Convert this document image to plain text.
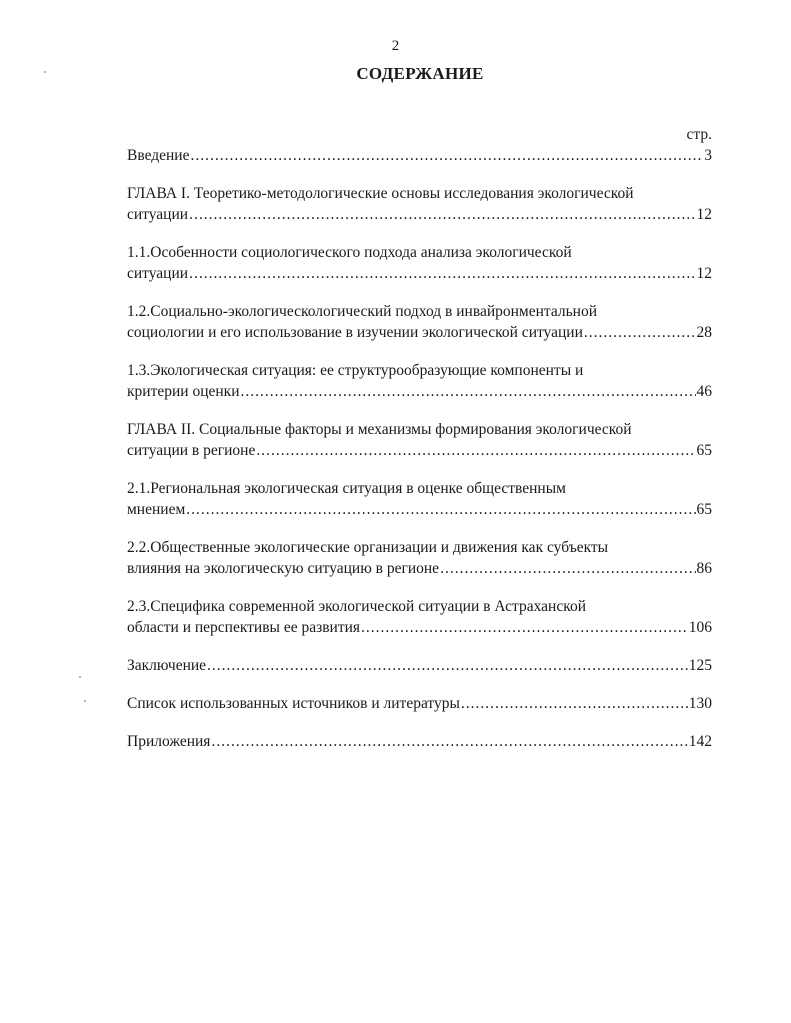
2
СОДЕРЖАНИЕ
стр.
Введение .....	3
ГЛАВА I. Теоретико-методологические основы исследования экологической
ситуации .....	12
1.1.Особенности социологического подхода анализа экологической
ситуации .....	12
1.2.Социально-экологическологический подход в инвайронментальной
социологии и его использование в изучении экологической ситуации .....	28
1.3.Экологическая ситуация: ее структурообразующие компоненты и
критерии оценки .....	46
ГЛАВА II. Социальные факторы и механизмы формирования экологической
ситуации в регионе .....	65
2.1.Региональная экологическая ситуация в оценке общественным
мнением .....	65
2.2.Общественные экологические организации и движения как субъекты
влияния на экологическую ситуацию в регионе .....	86
2.3.Специфика современной экологической ситуации в Астраханской
области и перспективы ее развития .....	106
Заключение .....	125
Список использованных источников и литературы .....	130
Приложения .....	142
